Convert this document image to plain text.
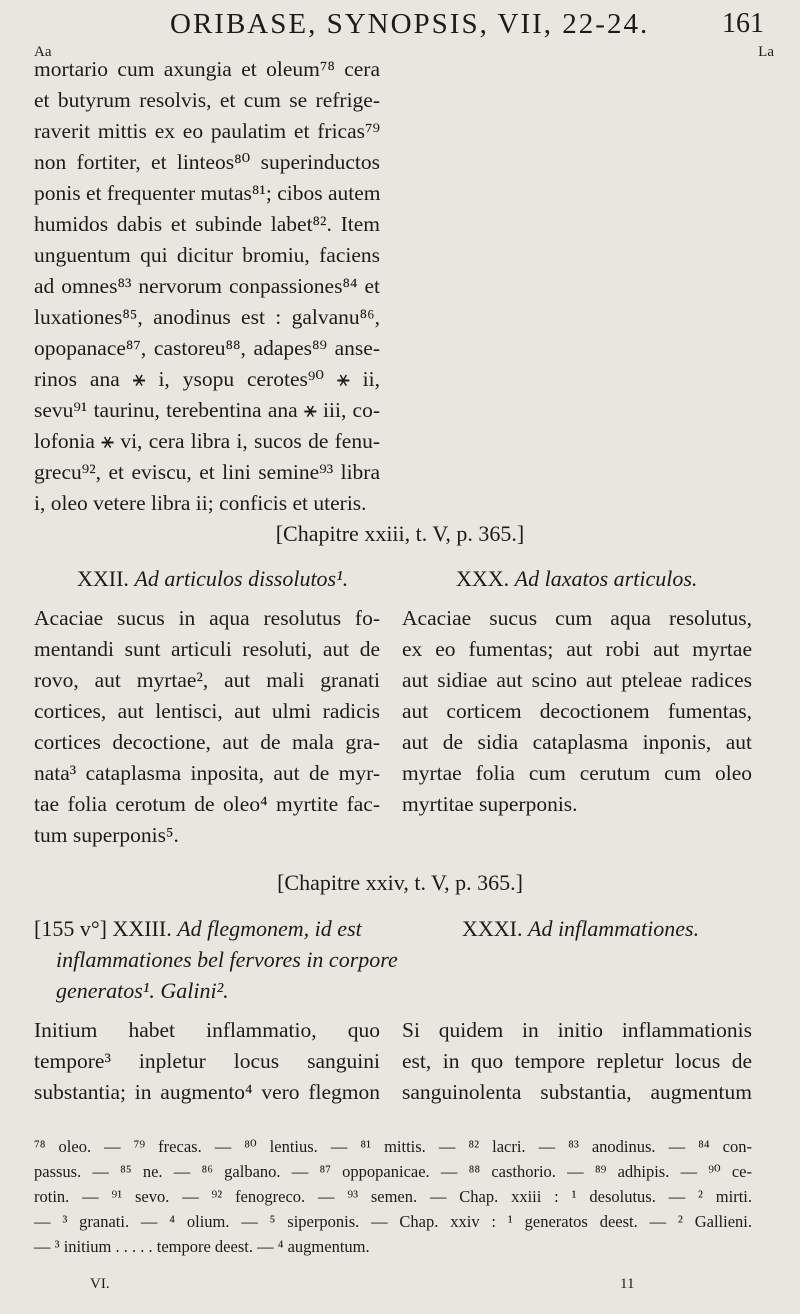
ORIBASE, SYNOPSIS, VII, 22-24.	161
Aa	La
mortario cum axungia et oleum⁷⁸ cera
et butyrum resolvis, et cum se refrige-
raverit mittis ex eo paulatim et fricas⁷⁹
non fortiter, et linteos⁸⁰ superinductos
ponis et frequenter mutas⁸¹; cibos autem
humidos dabis et subinde labet⁸². Item
unguentum qui dicitur bromiu, faciens
ad omnes⁸³ nervorum conpassiones⁸⁴ et
luxationes⁸⁵, anodinus est : galvanu⁸⁶,
opopanace⁸⁷, castoreu⁸⁸, adapes⁸⁹ anse-
rinos ana ⚹ i, ysopu cerotes⁹⁰ ⚹ ii,
sevu⁹¹ taurinu, terebentina ana ⚹ iii, co-
lofonia ⚹ vi, cera libra i, sucos de fenu-
grecu⁹², et eviscu, et lini semine⁹³ libra
i, oleo vetere libra ii; conficis et uteris.
[Chapitre xxiii, t. V, p. 365.]
XXII. Ad articulos dissolutos¹.	XXX. Ad laxatos articulos.
Acaciae sucus in aqua resolutus fo-
mentandi sunt articuli resoluti, aut de
rovo, aut myrtae², aut mali granati
cortices, aut lentisci, aut ulmi radicis
cortices decoctione, aut de mala gra-
nata³ cataplasma inposita, aut de myr-
tae folia cerotum de oleo⁴ myrtite fac-
tum superponis⁵.
Acaciae sucus cum aqua resolutus,
ex eo fumentas; aut robi aut myrtae
aut sidiae aut scino aut pteleae radices
aut corticem decoctionem fumentas,
aut de sidia cataplasma inponis, aut
myrtae folia cum cerutum cum oleo
myrtitae superponis.
[Chapitre xxiv, t. V, p. 365.]
[155 v°] XXIII. Ad flegmonem, id est
inflammationes bel fervores in corpore
generatos¹. Galini².
XXXI. Ad inflammationes.
Initium habet inflammatio, quo
tempore³ inpletur locus sanguini
substantia; in augmento⁴ vero flegmon
Si quidem in initio inflammationis
est, in quo tempore repletur locus de
sanguinolenta substantia, augmentum
⁷⁸ oleo. — ⁷⁹ frecas. — ⁸⁰ lentius. — ⁸¹ mittis. — ⁸² lacri. — ⁸³ anodinus. — ⁸⁴ con-
passus. — ⁸⁵ ne. — ⁸⁶ galbano. — ⁸⁷ oppopanicae. — ⁸⁸ casthorio. — ⁸⁹ adhipis. — ⁹⁰ ce-
rotin. — ⁹¹ sevo. — ⁹² fenogreco. — ⁹³ semen. — Chap. xxiii : ¹ desolutus. — ² mirti.
— ³ granati. — ⁴ olium. — ⁵ siperponis. — Chap. xxiv : ¹ generatos deest. — ² Gallieni.
— ³ initium . . . . . tempore deest. — ⁴ augmentum.
VI.	11
